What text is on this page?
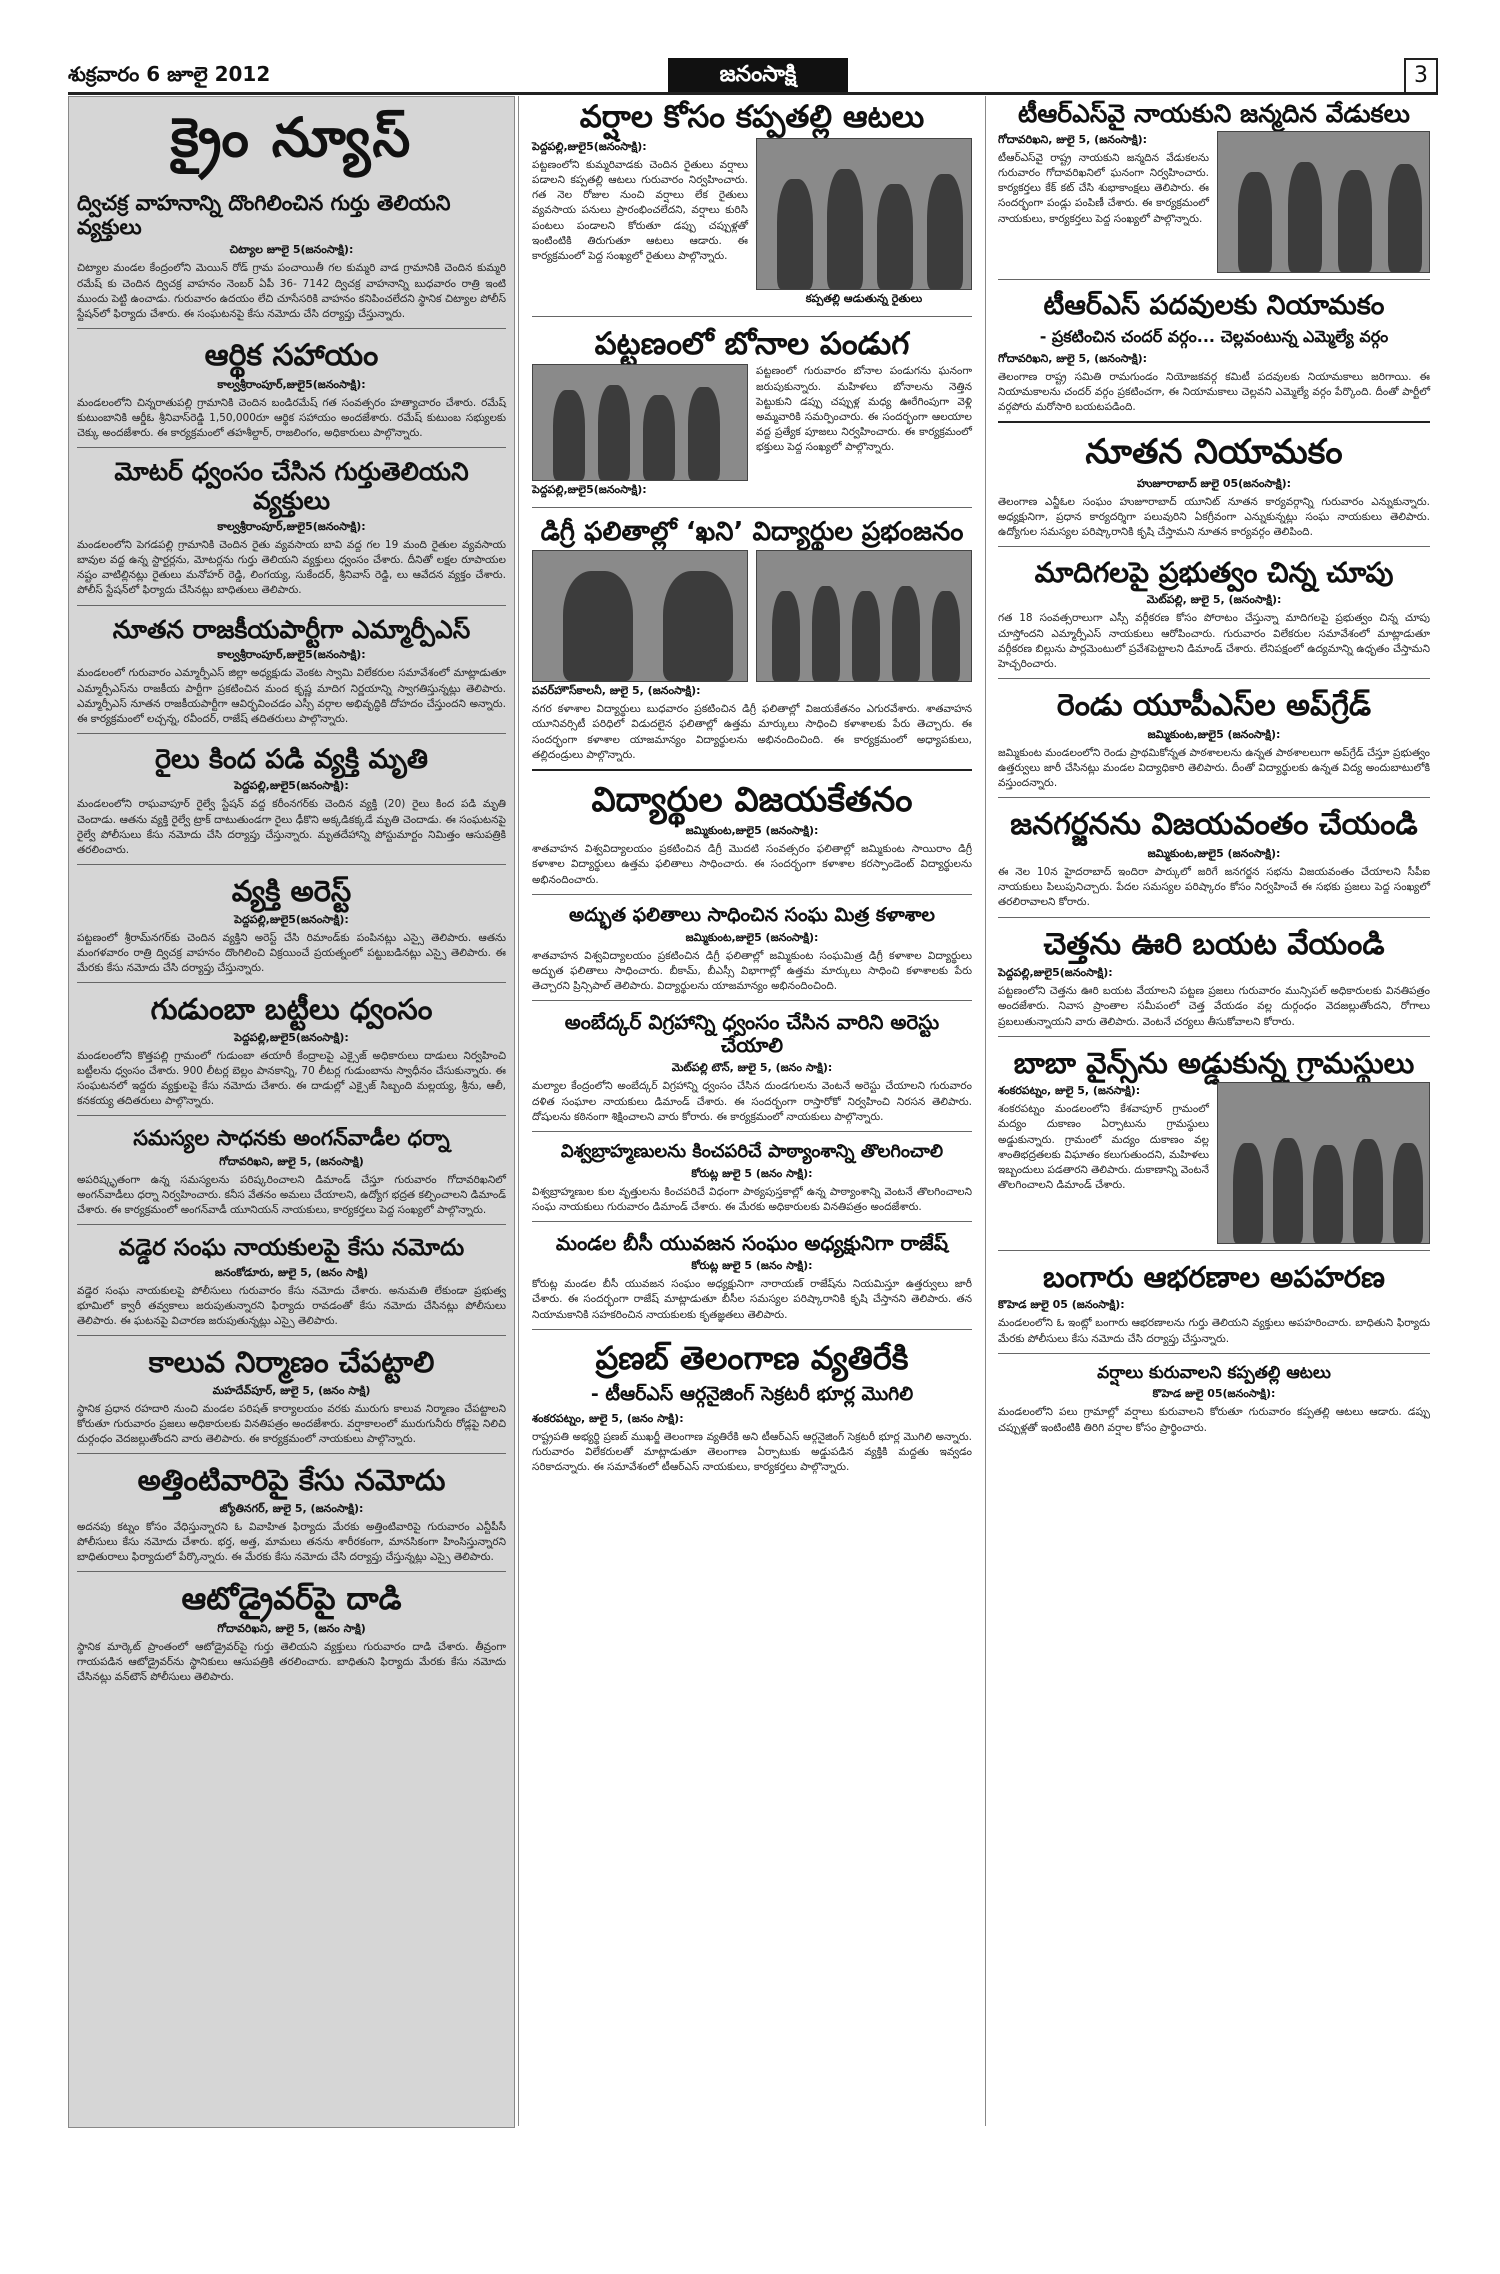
శుక్రవారం 6 జూలై 2012	జనంసాక్షి	3
క్రైం న్యూస్
ద్విచక్ర వాహనాన్ని దొంగిలించిన గుర్తు తెలియని వ్యక్తులు
చిట్యాల జూలై 5(జనంసాక్షి):

చిట్యాల మండల కేంద్రంలోని మెయిన్ రోడ్ గ్రామ పంచాయితీ గల కుమ్మరి వాడ గ్రామానికి చెందిన కుమ్మరి రమేష్ కు చెందిన ద్విచక్ర వాహనం నెంబర్ ఏపీ 36- 7142 ద్విచక్ర వాహనాన్ని బుధవారం రాత్రి ఇంటి ముందు పెట్టి ఉంచాడు. గురువారం ఉదయం లేచి చూసేసరికి వాహనం కనిపించలేదని స్థానిక చిట్యాల పోలీస్ స్టేషన్‌లో ఫిర్యాదు చేశారు. ఈ సంఘటనపై కేసు నమోదు చేసి దర్యాప్తు చేస్తున్నారు.

ఆర్థిక సహాయం
కాల్వశ్రీరాంపూర్,జులై5(జనంసాక్షి):

మండలంలోని చిన్నరాతుపల్లి గ్రామానికి చెందిన బండిరమేష్ గత సంవత్సరం హత్యాచారం చేశారు. రమేష్ కుటుంబానికి ఆర్డీఓ శ్రీనివాస్‌రెడ్డి 1,50,000రూ ఆర్థిక సహాయం అందజేశారు. రమేష్ కుటుంబ సభ్యులకు చెక్కు అందజేశారు. ఈ కార్యక్రమంలో తహశీల్దార్, రాజలింగం, అధికారులు పాల్గొన్నారు.

మోటర్ ధ్వంసం చేసిన గుర్తుతెలియని వ్యక్తులు
కాల్వశ్రీరాంపూర్,జులై5(జనంసాక్షి):

మండలంలోని పెగడపల్లి గ్రామానికి చెందిన రైతు వ్యవసాయ బావి వద్ద గల 19 మంది రైతుల వ్యవసాయ బావుల వద్ద ఉన్న స్టార్టర్లను, మోటర్లను గుర్తు తెలియని వ్యక్తులు ధ్వంసం చేశారు. దీనితో లక్షల రూపాయల నష్టం వాటిల్లినట్లు రైతులు మనోహర్ రెడ్డి, లింగయ్య, సుకేందర్, శ్రీనివాస్ రెడ్డి, లు ఆవేదన వ్యక్తం చేశారు. పోలీస్ స్టేషన్‌లో ఫిర్యాదు చేసినట్లు బాధితులు తెలిపారు.

నూతన రాజకీయపార్టీగా ఎమ్మార్పీఎస్
కాల్వశ్రీరాంపూర్,జులై5(జనంసాక్షి):

మండలంలో గురువారం ఎమ్మార్పీఎస్ జిల్లా అధ్యక్షుడు వెంకట స్వామి విలేకరుల సమావేశంలో మాట్లాడుతూ ఎమ్మార్పీఎస్‌ను రాజకీయ పార్టీగా ప్రకటించిన మంద కృష్ణ మాదిగ నిర్ణయాన్ని స్వాగతిస్తున్నట్లు తెలిపారు. ఎమ్మార్పీఎస్ నూతన రాజకీయపార్టీగా ఆవిర్భవించడం ఎస్సీ వర్గాల అభివృద్ధికి దోహదం చేస్తుందని అన్నారు. ఈ కార్యక్రమంలో లచ్చన్న, రవీందర్, రాజేష్ తదితరులు పాల్గొన్నారు.

రైలు కింద పడి వ్యక్తి మృతి
పెద్దపల్లి,జులై5(జనంసాక్షి):

మండలంలోని రాఘవాపూర్ రైల్వే స్టేషన్ వద్ద కరీంనగర్‌కు చెందిన వ్యక్తి (20) రైలు కింద పడి మృతి చెందాడు. ఆతను వ్యక్తి రైల్వే ట్రాక్ దాటుతుండగా రైలు ఢీకొని అక్కడికక్కడే మృతి చెందాడు. ఈ సంఘటనపై రైల్వే పోలీసులు కేసు నమోదు చేసి దర్యాప్తు చేస్తున్నారు. మృతదేహాన్ని పోస్టుమార్టం నిమిత్తం ఆసుపత్రికి తరలించారు.

వ్యక్తి అరెస్ట్
పెద్దపల్లి,జులై5(జనంసాక్షి):

పట్టణంలో శ్రీరామ్‌నగర్‌కు చెందిన వ్యక్తిని అరెస్ట్ చేసి రిమాండ్‌కు పంపినట్లు ఎస్సై తెలిపారు. ఆతను మంగళవారం రాత్రి ద్విచక్ర వాహనం దొంగిలించి విక్రయించే ప్రయత్నంలో పట్టుబడినట్లు ఎస్సై తెలిపారు. ఈ మేరకు కేసు నమోదు చేసి దర్యాప్తు చేస్తున్నారు.

గుడుంబా బట్టీలు ధ్వంసం
పెద్దపల్లి,జులై5(జనంసాక్షి):

మండలంలోని కొత్తపల్లి గ్రామంలో గుడుంబా తయారీ కేంద్రాలపై ఎక్సైజ్ అధికారులు దాడులు నిర్వహించి బట్టీలను ధ్వంసం చేశారు. 900 లీటర్ల బెల్లం పానకాన్ని, 70 లీటర్ల గుడుంబాను స్వాధీనం చేసుకున్నారు. ఈ సంఘటనలో ఇద్దరు వ్యక్తులపై కేసు నమోదు చేశారు. ఈ దాడుల్లో ఎక్సైజ్ సిబ్బంది మల్లయ్య, శ్రీను, ఆలీ, కనకయ్య తదితరులు పాల్గొన్నారు.

సమస్యల సాధనకు అంగన్‌వాడీల ధర్నా
గోదావరిఖని, జులై 5, (జనంసాక్షి)

అపరిష్కృతంగా ఉన్న సమస్యలను పరిష్కరించాలని డిమాండ్ చేస్తూ గురువారం గోదావరిఖనిలో అంగన్‌వాడీలు ధర్నా నిర్వహించారు. కనీస వేతనం అమలు చేయాలని, ఉద్యోగ భద్రత కల్పించాలని డిమాండ్ చేశారు. ఈ కార్యక్రమంలో అంగన్‌వాడీ యూనియన్ నాయకులు, కార్యకర్తలు పెద్ద సంఖ్యలో పాల్గొన్నారు.

వడ్డెర సంఘ నాయకులపై కేసు నమోదు
జనంకోడూరు, జులై 5, (జనం సాక్షి)

వడ్డెర సంఘ నాయకులపై పోలీసులు గురువారం కేసు నమోదు చేశారు. అనుమతి లేకుండా ప్రభుత్వ భూమిలో క్వారీ తవ్వకాలు జరుపుతున్నారని ఫిర్యాదు రావడంతో కేసు నమోదు చేసినట్లు పోలీసులు తెలిపారు. ఈ ఘటనపై విచారణ జరుపుతున్నట్లు ఎస్సై తెలిపారు.

కాలువ నిర్మాణం చేపట్టాలి
మహదేవ్‌పూర్, జులై 5, (జనం సాక్షి)

స్థానిక ప్రధాన రహదారి నుంచి మండల పరిషత్ కార్యాలయం వరకు మురుగు కాలువ నిర్మాణం చేపట్టాలని కోరుతూ గురువారం ప్రజలు అధికారులకు వినతిపత్రం అందజేశారు. వర్షాకాలంలో మురుగునీరు రోడ్లపై నిలిచి దుర్గంధం వెదజల్లుతోందని వారు తెలిపారు. ఈ కార్యక్రమంలో నాయకులు పాల్గొన్నారు.

అత్తింటివారిపై కేసు నమోదు
జ్యోతినగర్, జులై 5, (జనంసాక్షి):

అదనపు కట్నం కోసం వేధిస్తున్నారని ఓ వివాహిత ఫిర్యాదు మేరకు అత్తింటివారిపై గురువారం ఎన్టీపీసీ పోలీసులు కేసు నమోదు చేశారు. భర్త, అత్త, మామలు తనను శారీరకంగా, మానసికంగా హింసిస్తున్నారని బాధితురాలు ఫిర్యాదులో పేర్కొన్నారు. ఈ మేరకు కేసు నమోదు చేసి దర్యాప్తు చేస్తున్నట్లు ఎస్సై తెలిపారు.

ఆటోడ్రైవర్‌పై దాడి
గోదావరిఖని, జులై 5, (జనం సాక్షి)

స్థానిక మార్కెట్ ప్రాంతంలో ఆటోడ్రైవర్‌పై గుర్తు తెలియని వ్యక్తులు గురువారం దాడి చేశారు. తీవ్రంగా గాయపడిన ఆటోడ్రైవర్‌ను స్థానికులు ఆసుపత్రికి తరలించారు. బాధితుని ఫిర్యాదు మేరకు కేసు నమోదు చేసినట్లు వన్‌టౌన్ పోలీసులు తెలిపారు.

వర్షాల కోసం కప్పతల్లి ఆటలు
పెద్దపల్లి,జులై5(జనంసాక్షి):

పట్టణంలోని కుమ్మరివాడకు చెందిన రైతులు వర్షాలు పడాలని కప్పతల్లి ఆటలు గురువారం నిర్వహించారు. గత నెల రోజుల నుంచి వర్షాలు లేక రైతులు వ్యవసాయ పనులు ప్రారంభించలేదని, వర్షాలు కురిసి పంటలు పండాలని కోరుతూ డప్పు చప్పుళ్లతో ఇంటింటికి తిరుగుతూ ఆటలు ఆడారు. ఈ కార్యక్రమంలో పెద్ద సంఖ్యలో రైతులు పాల్గొన్నారు.

కప్పతల్లి ఆడుతున్న రైతులు
పట్టణంలో బోనాల పండుగ
పెద్దపల్లి,జులై5(జనంసాక్షి):

పట్టణంలో గురువారం బోనాల పండుగను ఘనంగా జరుపుకున్నారు. మహిళలు బోనాలను నెత్తిన పెట్టుకుని డప్పు చప్పుళ్ల మధ్య ఊరేగింపుగా వెళ్లి అమ్మవారికి సమర్పించారు. ఈ సందర్భంగా ఆలయాల వద్ద ప్రత్యేక పూజలు నిర్వహించారు. ఈ కార్యక్రమంలో భక్తులు పెద్ద సంఖ్యలో పాల్గొన్నారు.

డిగ్రీ ఫలితాల్లో ‘ఖని’ విద్యార్థుల ప్రభంజనం
పవర్‌హౌస్‌కాలనీ, జులై 5, (జనంసాక్షి):

నగర కళాశాల విద్యార్థులు బుధవారం ప్రకటించిన డిగ్రీ ఫలితాల్లో విజయకేతనం ఎగురవేశారు. శాతవాహన యూనివర్సిటీ పరిధిలో విడుదలైన ఫలితాల్లో ఉత్తమ మార్కులు సాధించి కళాశాలకు పేరు తెచ్చారు. ఈ సందర్భంగా కళాశాల యాజమాన్యం విద్యార్థులను అభినందించింది. ఈ కార్యక్రమంలో అధ్యాపకులు, తల్లిదండ్రులు పాల్గొన్నారు.

విద్యార్థుల విజయకేతనం
జమ్మికుంట,జులై5 (జనంసాక్షి):

శాతవాహన విశ్వవిద్యాలయం ప్రకటించిన డిగ్రీ మొదటి సంవత్సరం ఫలితాల్లో జమ్మికుంట సాయిరాం డిగ్రీ కళాశాల విద్యార్థులు ఉత్తమ ఫలితాలు సాధించారు. ఈ సందర్భంగా కళాశాల కరస్పాండెంట్ విద్యార్థులను అభినందించారు.

అద్భుత ఫలితాలు సాధించిన సంఘ మిత్ర కళాశాల
జమ్మికుంట,జులై5 (జనంసాక్షి):

శాతవాహన విశ్వవిద్యాలయం ప్రకటించిన డిగ్రీ ఫలితాల్లో జమ్మికుంట సంఘమిత్ర డిగ్రీ కళాశాల విద్యార్థులు అద్భుత ఫలితాలు సాధించారు. బీకామ్, బీఎస్సీ విభాగాల్లో ఉత్తమ మార్కులు సాధించి కళాశాలకు పేరు తెచ్చారని ప్రిన్సిపాల్ తెలిపారు. విద్యార్థులను యాజమాన్యం అభినందించింది.

అంబేద్కర్ విగ్రహాన్ని ధ్వంసం చేసిన వారిని అరెస్టు చేయాలి
మెట్‌పల్లి టౌన్, జులై 5, (జనం సాక్షి):

మల్యాల కేంద్రంలోని అంబేద్కర్ విగ్రహాన్ని ధ్వంసం చేసిన దుండగులను వెంటనే అరెస్టు చేయాలని గురువారం దళిత సంఘాల నాయకులు డిమాండ్ చేశారు. ఈ సందర్భంగా రాస్తారోకో నిర్వహించి నిరసన తెలిపారు. దోషులను కఠినంగా శిక్షించాలని వారు కోరారు. ఈ కార్యక్రమంలో నాయకులు పాల్గొన్నారు.

విశ్వబ్రాహ్మణులను కించపరిచే పాఠ్యాంశాన్ని తొలగించాలి
కోరుట్ల జులై 5 (జనం సాక్షి):

విశ్వబ్రాహ్మణుల కుల వృత్తులను కించపరిచే విధంగా పాఠ్యపుస్తకాల్లో ఉన్న పాఠ్యాంశాన్ని వెంటనే తొలగించాలని సంఘ నాయకులు గురువారం డిమాండ్ చేశారు. ఈ మేరకు అధికారులకు వినతిపత్రం అందజేశారు.

మండల బీసీ యువజన సంఘం అధ్యక్షునిగా రాజేష్
కోరుట్ల జులై 5 (జనం సాక్షి):

కోరుట్ల మండల బీసీ యువజన సంఘం అధ్యక్షునిగా నారాయణ్ రాజేష్‌ను నియమిస్తూ ఉత్తర్వులు జారీ చేశారు. ఈ సందర్భంగా రాజేష్ మాట్లాడుతూ బీసీల సమస్యల పరిష్కారానికి కృషి చేస్తానని తెలిపారు. తన నియామకానికి సహకరించిన నాయకులకు కృతజ్ఞతలు తెలిపారు.

ప్రణబ్ తెలంగాణ వ్యతిరేకి
- టీఆర్ఎస్ ఆర్గనైజింగ్ సెక్రటరీ భూర్ల మొగిలి
శంకరపట్నం, జులై 5, (జనం సాక్షి):

రాష్ట్రపతి అభ్యర్థి ప్రణబ్ ముఖర్జీ తెలంగాణ వ్యతిరేకి అని టీఆర్ఎస్ ఆర్గనైజింగ్ సెక్రటరీ భూర్ల మొగిలి అన్నారు. గురువారం విలేకరులతో మాట్లాడుతూ తెలంగాణ ఏర్పాటుకు అడ్డుపడిన వ్యక్తికి మద్దతు ఇవ్వడం సరికాదన్నారు. ఈ సమావేశంలో టీఆర్ఎస్ నాయకులు, కార్యకర్తలు పాల్గొన్నారు.

టీఆర్ఎస్‌వై నాయకుని జన్మదిన వేడుకలు
గోదావరిఖని, జులై 5, (జనంసాక్షి):

టీఆర్ఎస్‌వై రాష్ట్ర నాయకుని జన్మదిన వేడుకలను గురువారం గోదావరిఖనిలో ఘనంగా నిర్వహించారు. కార్యకర్తలు కేక్ కట్ చేసి శుభాకాంక్షలు తెలిపారు. ఈ సందర్భంగా పండ్లు పంపిణీ చేశారు. ఈ కార్యక్రమంలో నాయకులు, కార్యకర్తలు పెద్ద సంఖ్యలో పాల్గొన్నారు.

టీఆర్ఎస్ పదవులకు నియామకం
- ప్రకటించిన చందర్ వర్గం... చెల్లవంటున్న ఎమ్మెల్యే వర్గం
గోదావరిఖని, జులై 5, (జనంసాక్షి):

తెలంగాణ రాష్ట్ర సమితి రామగుండం నియోజకవర్గ కమిటీ పదవులకు నియామకాలు జరిగాయి. ఈ నియామకాలను చందర్ వర్గం ప్రకటించగా, ఈ నియామకాలు చెల్లవని ఎమ్మెల్యే వర్గం పేర్కొంది. దీంతో పార్టీలో వర్గపోరు మరోసారి బయటపడింది.

నూతన నియామకం
హుజూరాబాద్ జులై 05(జనంసాక్షి):

తెలంగాణ ఎన్జీఓల సంఘం హుజూరాబాద్ యూనిట్ నూతన కార్యవర్గాన్ని గురువారం ఎన్నుకున్నారు. అధ్యక్షునిగా, ప్రధాన కార్యదర్శిగా పలువురిని ఏకగ్రీవంగా ఎన్నుకున్నట్లు సంఘ నాయకులు తెలిపారు. ఉద్యోగుల సమస్యల పరిష్కారానికి కృషి చేస్తామని నూతన కార్యవర్గం తెలిపింది.

మాదిగలపై ప్రభుత్వం చిన్న చూపు
మెట్‌పల్లి, జులై 5, (జనంసాక్షి):

గత 18 సంవత్సరాలుగా ఎస్సీ వర్గీకరణ కోసం పోరాటం చేస్తున్నా మాదిగలపై ప్రభుత్వం చిన్న చూపు చూస్తోందని ఎమ్మార్పీఎస్ నాయకులు ఆరోపించారు. గురువారం విలేకరుల సమావేశంలో మాట్లాడుతూ వర్గీకరణ బిల్లును పార్లమెంటులో ప్రవేశపెట్టాలని డిమాండ్ చేశారు. లేనిపక్షంలో ఉద్యమాన్ని ఉధృతం చేస్తామని హెచ్చరించారు.

రెండు యూపీఎస్‌ల అప్‌గ్రేడ్
జమ్మికుంట,జులై5 (జనంసాక్షి):

జమ్మికుంట మండలంలోని రెండు ప్రాథమికోన్నత పాఠశాలలను ఉన్నత పాఠశాలలుగా అప్‌గ్రేడ్ చేస్తూ ప్రభుత్వం ఉత్తర్వులు జారీ చేసినట్లు మండల విద్యాధికారి తెలిపారు. దీంతో విద్యార్థులకు ఉన్నత విద్య అందుబాటులోకి వస్తుందన్నారు.

జనగర్జనను విజయవంతం చేయండి
జమ్మికుంట,జులై5 (జనంసాక్షి):

ఈ నెల 10న హైదరాబాద్ ఇందిరా పార్కులో జరిగే జనగర్జన సభను విజయవంతం చేయాలని సీపీఐ నాయకులు పిలుపునిచ్చారు. పేదల సమస్యల పరిష్కారం కోసం నిర్వహించే ఈ సభకు ప్రజలు పెద్ద సంఖ్యలో తరలిరావాలని కోరారు.

చెత్తను ఊరి బయట వేయండి
పెద్దపల్లి,జులై5(జనంసాక్షి):

పట్టణంలోని చెత్తను ఊరి బయట వేయాలని పట్టణ ప్రజలు గురువారం మున్సిపల్ అధికారులకు వినతిపత్రం అందజేశారు. నివాస ప్రాంతాల సమీపంలో చెత్త వేయడం వల్ల దుర్గంధం వెదజల్లుతోందని, రోగాలు ప్రబలుతున్నాయని వారు తెలిపారు. వెంటనే చర్యలు తీసుకోవాలని కోరారు.

బాబా వైన్స్‌ను అడ్డుకున్న గ్రామస్థులు
శంకరపట్నం, జులై 5, (జనసాక్షి):

శంకరపట్నం మండలంలోని కేశవాపూర్ గ్రామంలో మద్యం దుకాణం ఏర్పాటును గ్రామస్థులు అడ్డుకున్నారు. గ్రామంలో మద్యం దుకాణం వల్ల శాంతిభద్రతలకు విఘాతం కలుగుతుందని, మహిళలు ఇబ్బందులు పడతారని తెలిపారు. దుకాణాన్ని వెంటనే తొలగించాలని డిమాండ్ చేశారు.

బంగారు ఆభరణాల అపహరణ
కొహెడ జులై 05 (జనంసాక్షి):

మండలంలోని ఓ ఇంట్లో బంగారు ఆభరణాలను గుర్తు తెలియని వ్యక్తులు అపహరించారు. బాధితుని ఫిర్యాదు మేరకు పోలీసులు కేసు నమోదు చేసి దర్యాప్తు చేస్తున్నారు.

వర్షాలు కురువాలని కప్పతల్లి ఆటలు
కొహెడ జులై 05(జనంసాక్షి):

మండలంలోని పలు గ్రామాల్లో వర్షాలు కురువాలని కోరుతూ గురువారం కప్పతల్లి ఆటలు ఆడారు. డప్పు చప్పుళ్లతో ఇంటింటికి తిరిగి వర్షాల కోసం ప్రార్థించారు.
